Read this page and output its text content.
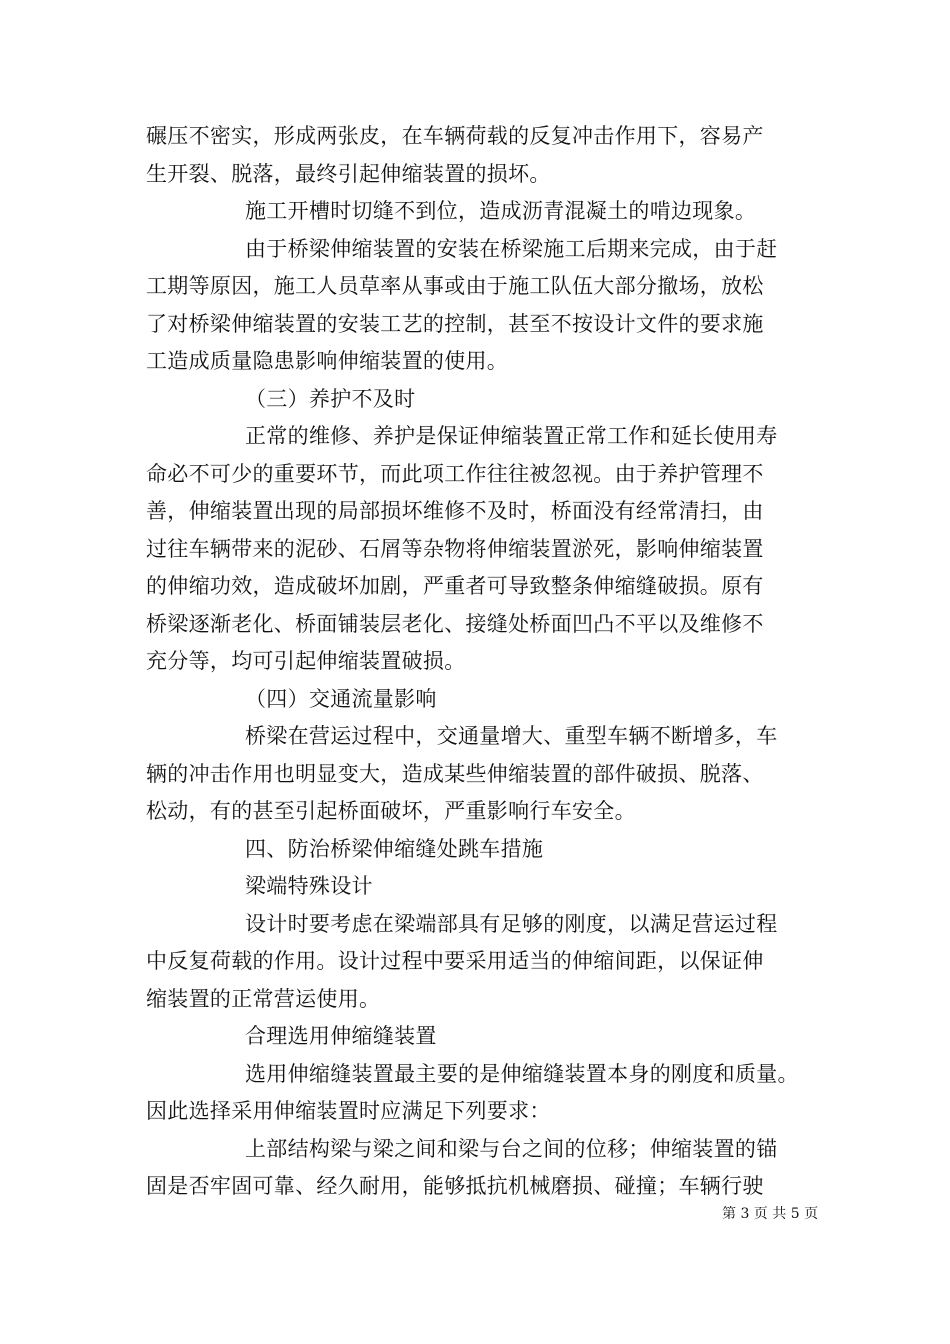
碾压不密实，形成两张皮，在车辆荷载的反复冲击作用下，容易产
生开裂、脱落，最终引起伸缩装置的损坏。
施工开槽时切缝不到位，造成沥青混凝土的啃边现象。
由于桥梁伸缩装置的安装在桥梁施工后期来完成，由于赶
工期等原因，施工人员草率从事或由于施工队伍大部分撤场，放松
了对桥梁伸缩装置的安装工艺的控制，甚至不按设计文件的要求施
工造成质量隐患影响伸缩装置的使用。
（三）养护不及时
正常的维修、养护是保证伸缩装置正常工作和延长使用寿
命必不可少的重要环节，而此项工作往往被忽视。由于养护管理不
善，伸缩装置出现的局部损坏维修不及时，桥面没有经常清扫，由
过往车辆带来的泥砂、石屑等杂物将伸缩装置淤死，影响伸缩装置
的伸缩功效，造成破坏加剧，严重者可导致整条伸缩缝破损。原有
桥梁逐渐老化、桥面铺装层老化、接缝处桥面凹凸不平以及维修不
充分等，均可引起伸缩装置破损。
（四）交通流量影响
桥梁在营运过程中，交通量增大、重型车辆不断增多，车
辆的冲击作用也明显变大，造成某些伸缩装置的部件破损、脱落、
松动，有的甚至引起桥面破坏，严重影响行车安全。
四、防治桥梁伸缩缝处跳车措施
梁端特殊设计
设计时要考虑在梁端部具有足够的刚度，以满足营运过程
中反复荷载的作用。设计过程中要采用适当的伸缩间距，以保证伸
缩装置的正常营运使用。
合理选用伸缩缝装置
选用伸缩缝装置最主要的是伸缩缝装置本身的刚度和质量。
因此选择采用伸缩装置时应满足下列要求：
上部结构梁与梁之间和梁与台之间的位移；伸缩装置的锚
固是否牢固可靠、经久耐用，能够抵抗机械磨损、碰撞；车辆行驶
第 3 页 共 5 页
